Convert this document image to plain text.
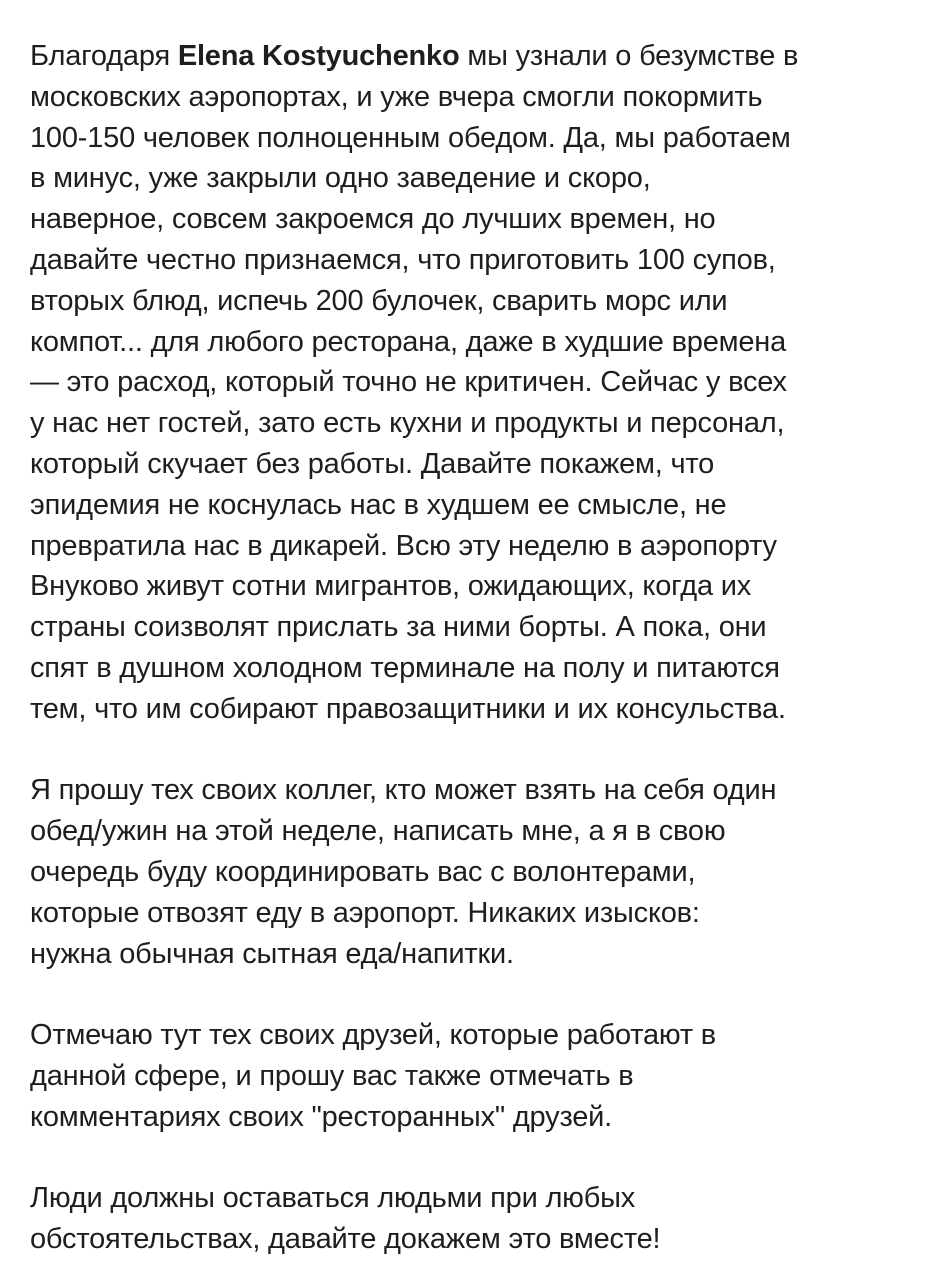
Благодаря Elena Kostyuchenko мы узнали о безумстве в
московских аэропортах, и уже вчера смогли покормить
100-150 человек полноценным обедом. Да, мы работаем
в минус, уже закрыли одно заведение и скоро,
наверное, совсем закроемся до лучших времен, но
давайте честно признаемся, что приготовить 100 супов,
вторых блюд, испечь 200 булочек, сварить морс или
компот... для любого ресторана, даже в худшие времена
— это расход, который точно не критичен. Сейчас у всех
у нас нет гостей, зато есть кухни и продукты и персонал,
который скучает без работы. Давайте покажем, что
эпидемия не коснулась нас в худшем ее смысле, не
превратила нас в дикарей. Всю эту неделю в аэропорту
Внуково живут сотни мигрантов, ожидающих, когда их
страны соизволят прислать за ними борты. А пока, они
спят в душном холодном терминале на полу и питаются
тем, что им собирают правозащитники и их консульства.

Я прошу тех своих коллег, кто может взять на себя один
обед/ужин на этой неделе, написать мне, а я в свою
очередь буду координировать вас с волонтерами,
которые отвозят еду в аэропорт. Никаких изысков:
нужна обычная сытная еда/напитки.

Отмечаю тут тех своих друзей, которые работают в
данной сфере, и прошу вас также отмечать в
комментариях своих "ресторанных" друзей.

Люди должны оставаться людьми при любых
обстоятельствах, давайте докажем это вместе!
